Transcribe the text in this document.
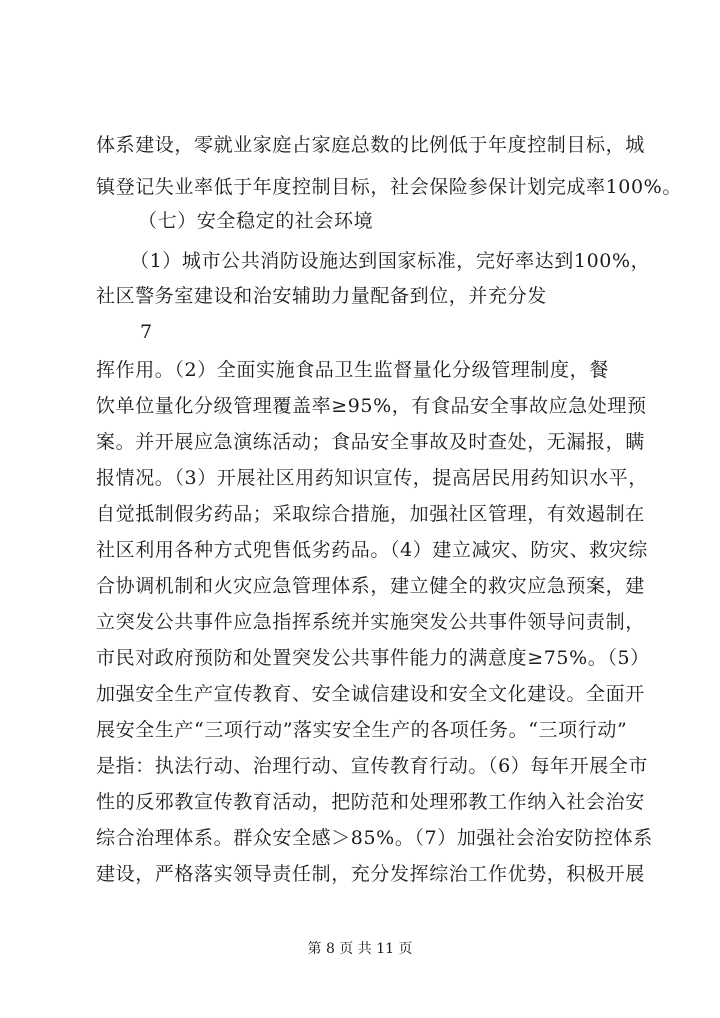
体系建设，零就业家庭占家庭总数的比例低于年度控制目标，城
镇登记失业率低于年度控制目标，社会保险参保计划完成率100%。
（七）安全稳定的社会环境
（1）城市公共消防设施达到国家标准，完好率达到100%，
社区警务室建设和治安辅助力量配备到位，并充分发
7
挥作用。（2）全面实施食品卫生监督量化分级管理制度，餐
饮单位量化分级管理覆盖率≥95%，有食品安全事故应急处理预
案。并开展应急演练活动；食品安全事故及时查处，无漏报，瞒
报情况。（3）开展社区用药知识宣传，提高居民用药知识水平，
自觉抵制假劣药品；采取综合措施，加强社区管理，有效遏制在
社区利用各种方式兜售低劣药品。（4）建立减灾、防灾、救灾综
合协调机制和火灾应急管理体系，建立健全的救灾应急预案，建
立突发公共事件应急指挥系统并实施突发公共事件领导问责制，
市民对政府预防和处置突发公共事件能力的满意度≥75%。（5）
加强安全生产宣传教育、安全诚信建设和安全文化建设。全面开
展安全生产“三项行动”落实安全生产的各项任务。“三项行动”
是指：执法行动、治理行动、宣传教育行动。（6）每年开展全市
性的反邪教宣传教育活动，把防范和处理邪教工作纳入社会治安
综合治理体系。群众安全感＞85%。（7）加强社会治安防控体系
建设，严格落实领导责任制，充分发挥综治工作优势，积极开展
第 8 页 共 11 页
